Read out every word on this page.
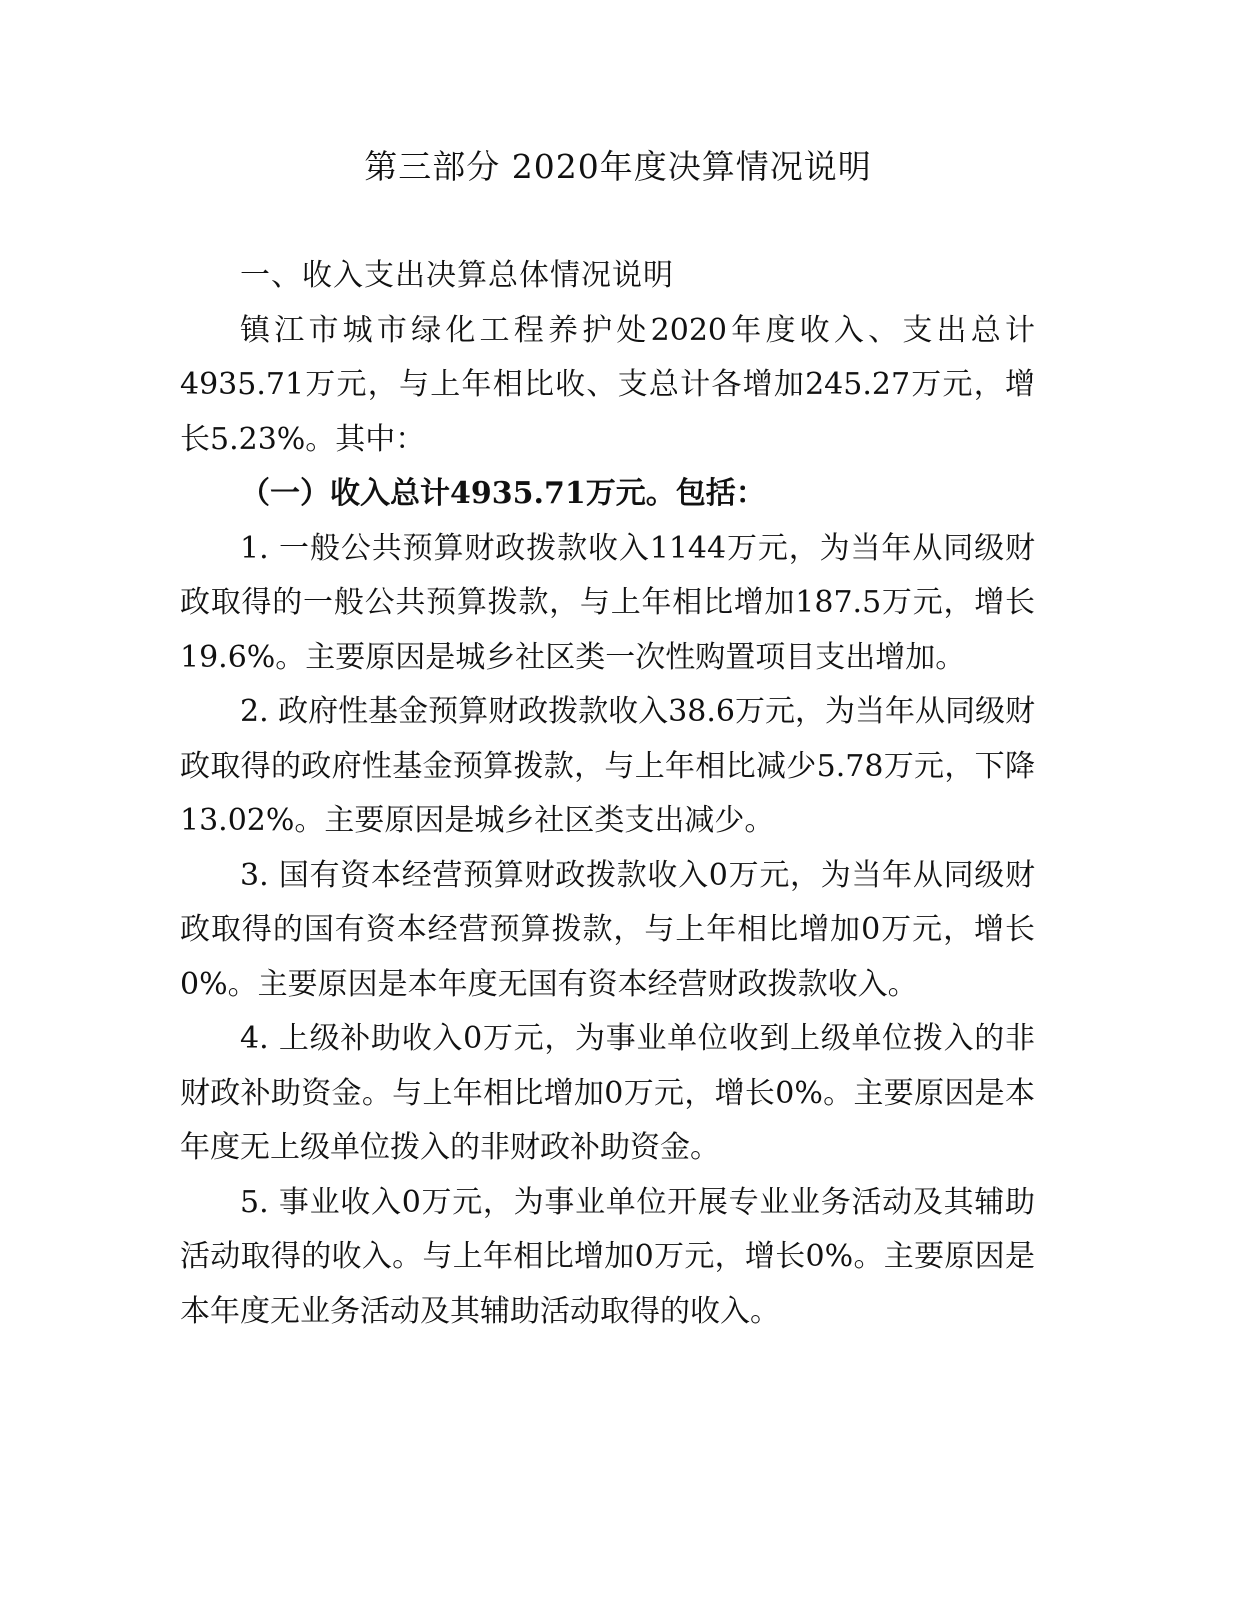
第三部分 2020年度决算情况说明

一、收入支出决算总体情况说明

镇江市城市绿化工程养护处2020年度收入、支出总计4935.71万元，与上年相比收、支总计各增加245.27万元，增长5.23%。其中：

（一）收入总计4935.71万元。包括：

1. 一般公共预算财政拨款收入1144万元，为当年从同级财政取得的一般公共预算拨款，与上年相比增加187.5万元，增长19.6%。主要原因是城乡社区类一次性购置项目支出增加。

2. 政府性基金预算财政拨款收入38.6万元，为当年从同级财政取得的政府性基金预算拨款，与上年相比减少5.78万元，下降13.02%。主要原因是城乡社区类支出减少。

3. 国有资本经营预算财政拨款收入0万元，为当年从同级财政取得的国有资本经营预算拨款，与上年相比增加0万元，增长0%。主要原因是本年度无国有资本经营财政拨款收入。

4. 上级补助收入0万元，为事业单位收到上级单位拨入的非财政补助资金。与上年相比增加0万元，增长0%。主要原因是本年度无上级单位拨入的非财政补助资金。

5. 事业收入0万元，为事业单位开展专业业务活动及其辅助活动取得的收入。与上年相比增加0万元，增长0%。主要原因是本年度无业务活动及其辅助活动取得的收入。
